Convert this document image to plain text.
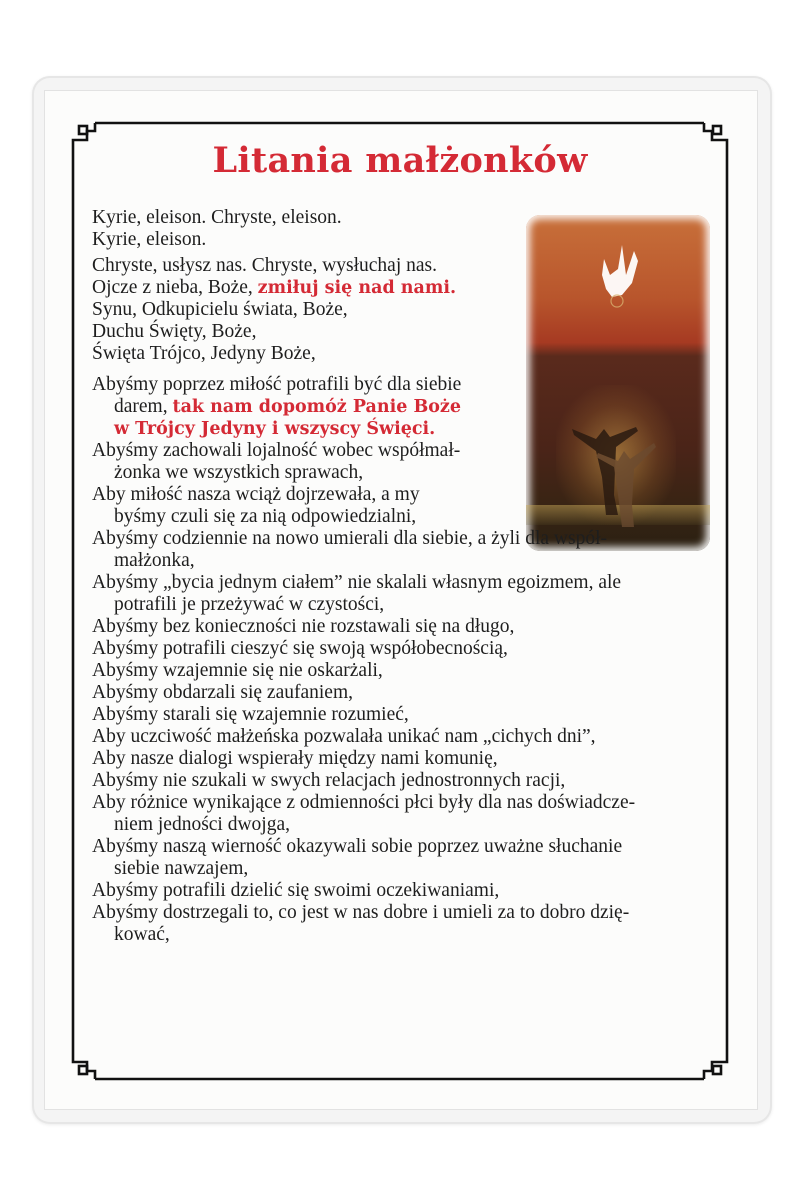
Litania małżonków
Kyrie, eleison. Chryste, eleison.
Kyrie, eleison.
Chryste, usłysz nas. Chryste, wysłuchaj nas.
Ojcze z nieba, Boże, zmiłuj się nad nami.
Synu, Odkupicielu świata, Boże,
Duchu Święty, Boże,
Święta Trójco, Jedyny Boże,
Abyśmy poprzez miłość potrafili być dla siebie
darem, tak nam dopomóż Panie Boże
w Trójcy Jedyny i wszyscy Święci.
Abyśmy zachowali lojalność wobec współmał-
żonka we wszystkich sprawach,
Aby miłość nasza wciąż dojrzewała, a my
byśmy czuli się za nią odpowiedzialni,
Abyśmy codziennie na nowo umierali dla siebie, a żyli dla współ-
małżonka,
Abyśmy „bycia jednym ciałem” nie skalali własnym egoizmem, ale
potrafili je przeżywać w czystości,
Abyśmy bez konieczności nie rozstawali się na długo,
Abyśmy potrafili cieszyć się swoją współobecnością,
Abyśmy wzajemnie się nie oskarżali,
Abyśmy obdarzali się zaufaniem,
Abyśmy starali się wzajemnie rozumieć,
Aby uczciwość małżeńska pozwalała unikać nam „cichych dni”,
Aby nasze dialogi wspierały między nami komunię,
Abyśmy nie szukali w swych relacjach jednostronnych racji,
Aby różnice wynikające z odmienności płci były dla nas doświadcze-
niem jedności dwojga,
Abyśmy naszą wierność okazywali sobie poprzez uważne słuchanie
siebie nawzajem,
Abyśmy potrafili dzielić się swoimi oczekiwaniami,
Abyśmy dostrzegali to, co jest w nas dobre i umieli za to dobro dzię-
kować,
